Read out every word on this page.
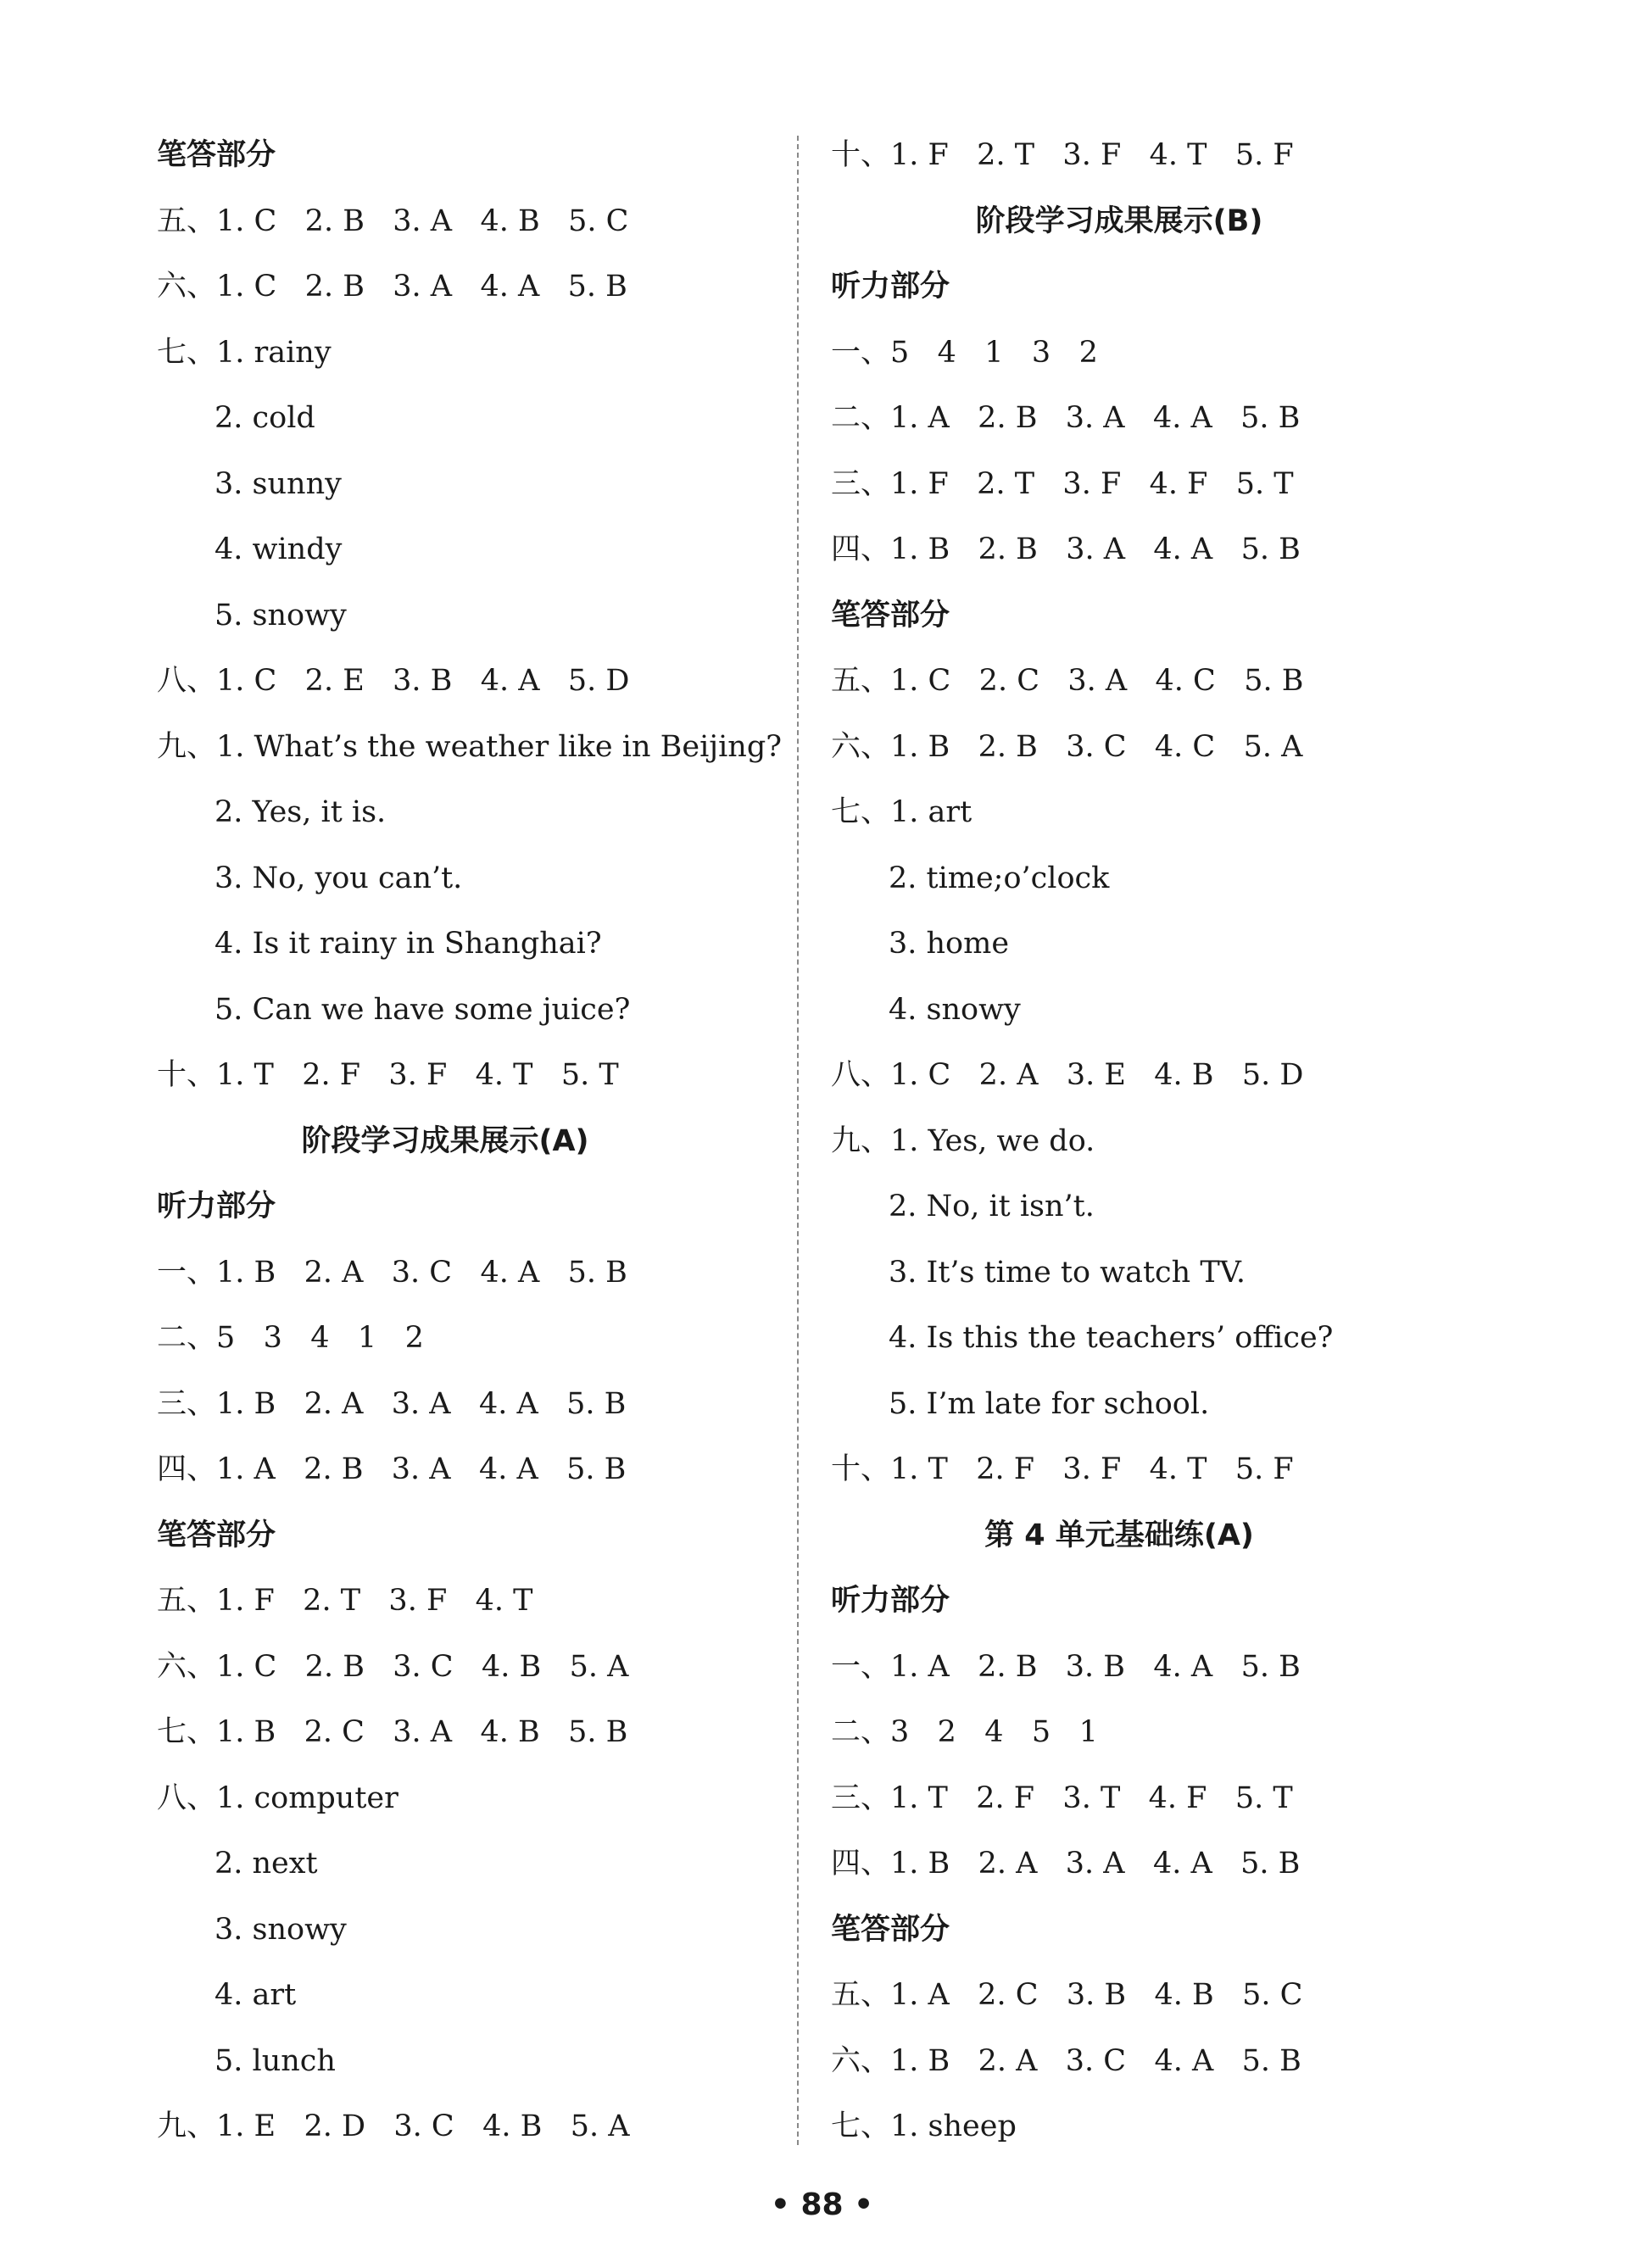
笔答部分
五、1. C   2. B   3. A   4. B   5. C
六、1. C   2. B   3. A   4. A   5. B
七、1. rainy
2. cold
3. sunny
4. windy
5. snowy
八、1. C   2. E   3. B   4. A   5. D
九、1. What’s the weather like in Beijing?
2. Yes, it is.
3. No, you can’t.
4. Is it rainy in Shanghai?
5. Can we have some juice?
十、1. T   2. F   3. F   4. T   5. T
阶段学习成果展示(A)
听力部分
一、1. B   2. A   3. C   4. A   5. B
二、5   3   4   1   2
三、1. B   2. A   3. A   4. A   5. B
四、1. A   2. B   3. A   4. A   5. B
笔答部分
五、1. F   2. T   3. F   4. T
六、1. C   2. B   3. C   4. B   5. A
七、1. B   2. C   3. A   4. B   5. B
八、1. computer
2. next
3. snowy
4. art
5. lunch
九、1. E   2. D   3. C   4. B   5. A
十、1. F   2. T   3. F   4. T   5. F
阶段学习成果展示(B)
听力部分
一、5   4   1   3   2
二、1. A   2. B   3. A   4. A   5. B
三、1. F   2. T   3. F   4. F   5. T
四、1. B   2. B   3. A   4. A   5. B
笔答部分
五、1. C   2. C   3. A   4. C   5. B
六、1. B   2. B   3. C   4. C   5. A
七、1. art
2. time;o’clock
3. home
4. snowy
八、1. C   2. A   3. E   4. B   5. D
九、1. Yes, we do.
2. No, it isn’t.
3. It’s time to watch TV.
4. Is this the teachers’ office?
5. I’m late for school.
十、1. T   2. F   3. F   4. T   5. F
第 4 单元基础练(A)
听力部分
一、1. A   2. B   3. B   4. A   5. B
二、3   2   4   5   1
三、1. T   2. F   3. T   4. F   5. T
四、1. B   2. A   3. A   4. A   5. B
笔答部分
五、1. A   2. C   3. B   4. B   5. C
六、1. B   2. A   3. C   4. A   5. B
七、1. sheep
• 88 •
